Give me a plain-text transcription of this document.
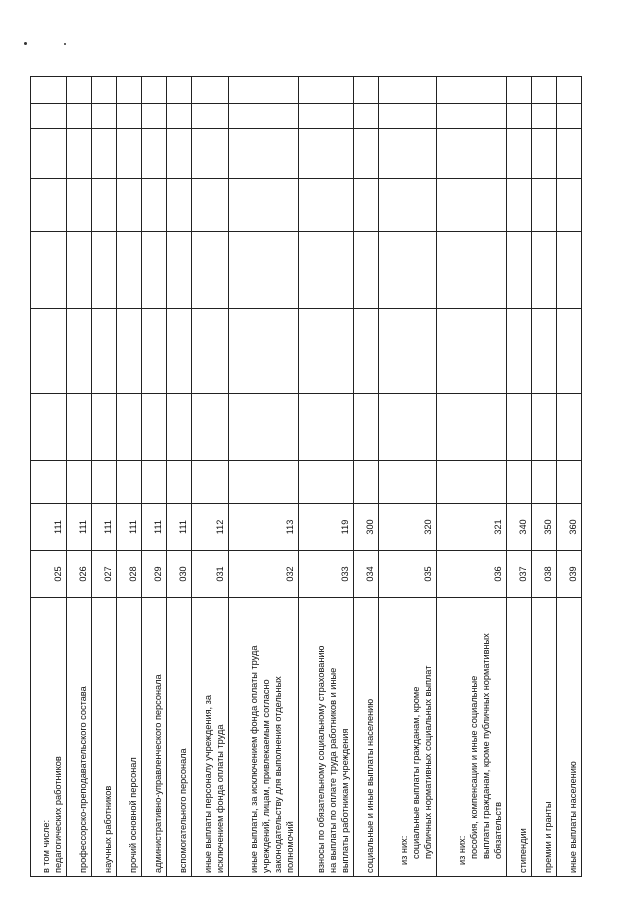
в том числе: педагогических работников	025	111								

профессорско-преподавательского состава	026	111								

научных работников	027	111								

прочий основной персонал	028	111								

административно-управленческого персонала	029	111								

вспомогательного персонала	030	111								

иные выплаты персоналу учреждения, за исключением фонда оплаты труда	031	112								

иные выплаты, за исключением фонда оплаты труда учреждений, лицам, привлекаемым согласно законодательству для выполнения отдельных полномочий	032	113								

взносы по обязательному социальному страхованию на выплаты по оплате труда работников и иные выплаты работникам учреждения	033	119								

социальные и иные выплаты населению	034	300								

из них: социальные выплаты гражданам, кроме публичных нормативных социальных выплат	035	320								

из них: пособия, компенсации и иные социальные выплаты гражданам, кроме публичных нормативных обязательств	036	321								

стипендии	037	340								

премии и гранты	038	350								

иные выплаты населению	039	360								
